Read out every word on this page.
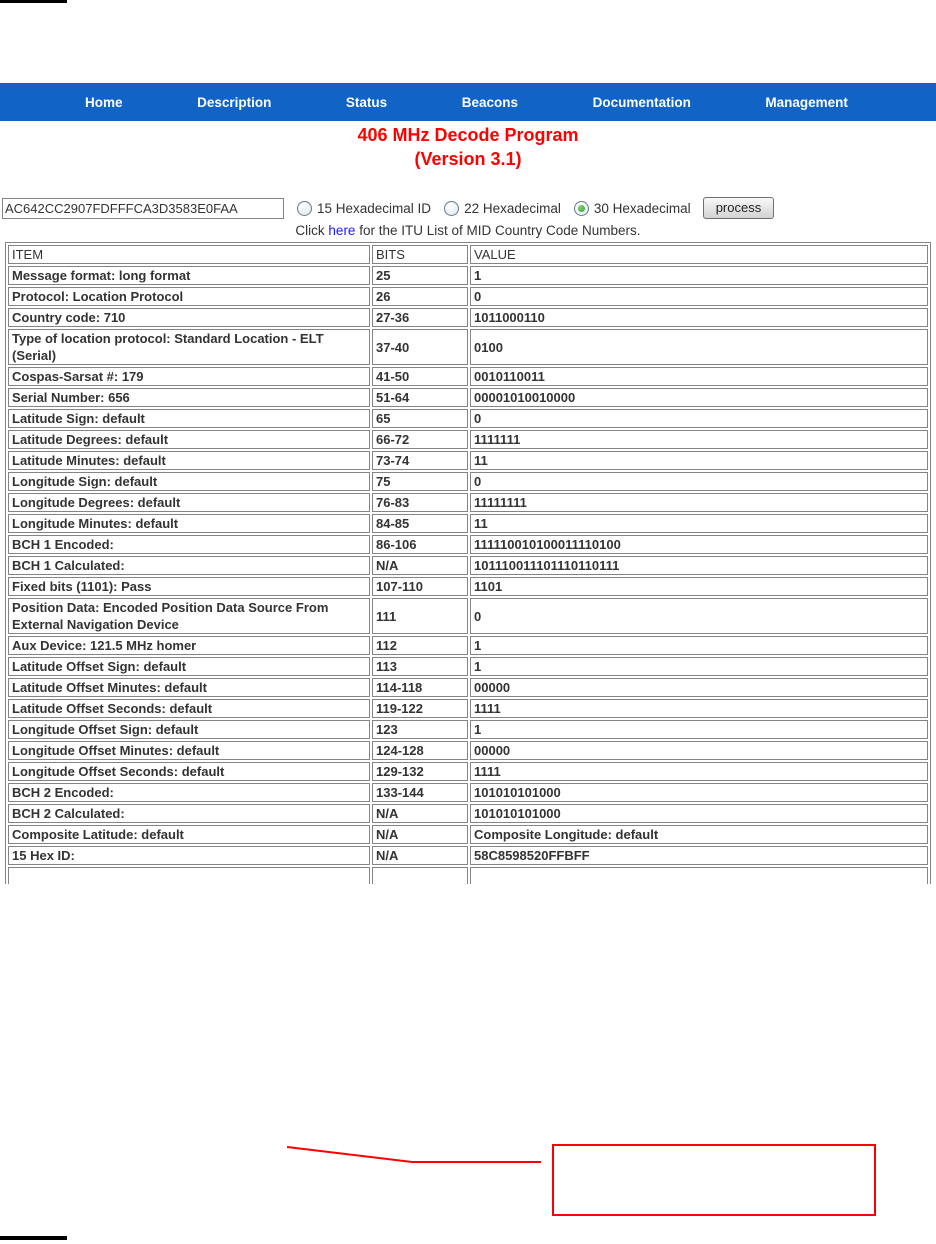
Home	Description	Status	Beacons	Documentation	Management
406 MHz Decode Program
(Version 3.1)
AC642CC2907FDFFFCA3D3583E0FAA
15 Hexadecimal ID 22 Hexadecimal 30 Hexadecimal	process
Click here for the ITU List of MID Country Code Numbers.
ITEM	BITS	VALUE
Message format: long format	25	1
Protocol: Location Protocol	26	0
Country code: 710	27-36	1011000110
Type of location protocol: Standard Location - ELT (Serial)	37-40	0100
Cospas-Sarsat #: 179	41-50	0010110011
Serial Number: 656	51-64	00001010010000
Latitude Sign: default	65	0
Latitude Degrees: default	66-72	1111111
Latitude Minutes: default	73-74	11
Longitude Sign: default	75	0
Longitude Degrees: default	76-83	11111111
Longitude Minutes: default	84-85	11
BCH 1 Encoded:	86-106	111110010100011110100
BCH 1 Calculated:	N/A	101110011101110110111
Fixed bits (1101): Pass	107-110	1101
Position Data: Encoded Position Data Source From External Navigation Device	111	0
Aux Device: 121.5 MHz homer	112	1
Latitude Offset Sign: default	113	1
Latitude Offset Minutes: default	114-118	00000
Latitude Offset Seconds: default	119-122	1111
Longitude Offset Sign: default	123	1
Longitude Offset Minutes: default	124-128	00000
Longitude Offset Seconds: default	129-132	1111
BCH 2 Encoded:	133-144	101010101000
BCH 2 Calculated:	N/A	101010101000
Composite Latitude: default	N/A	Composite Longitude: default
15 Hex ID:	N/A	58C8598520FFBFF
